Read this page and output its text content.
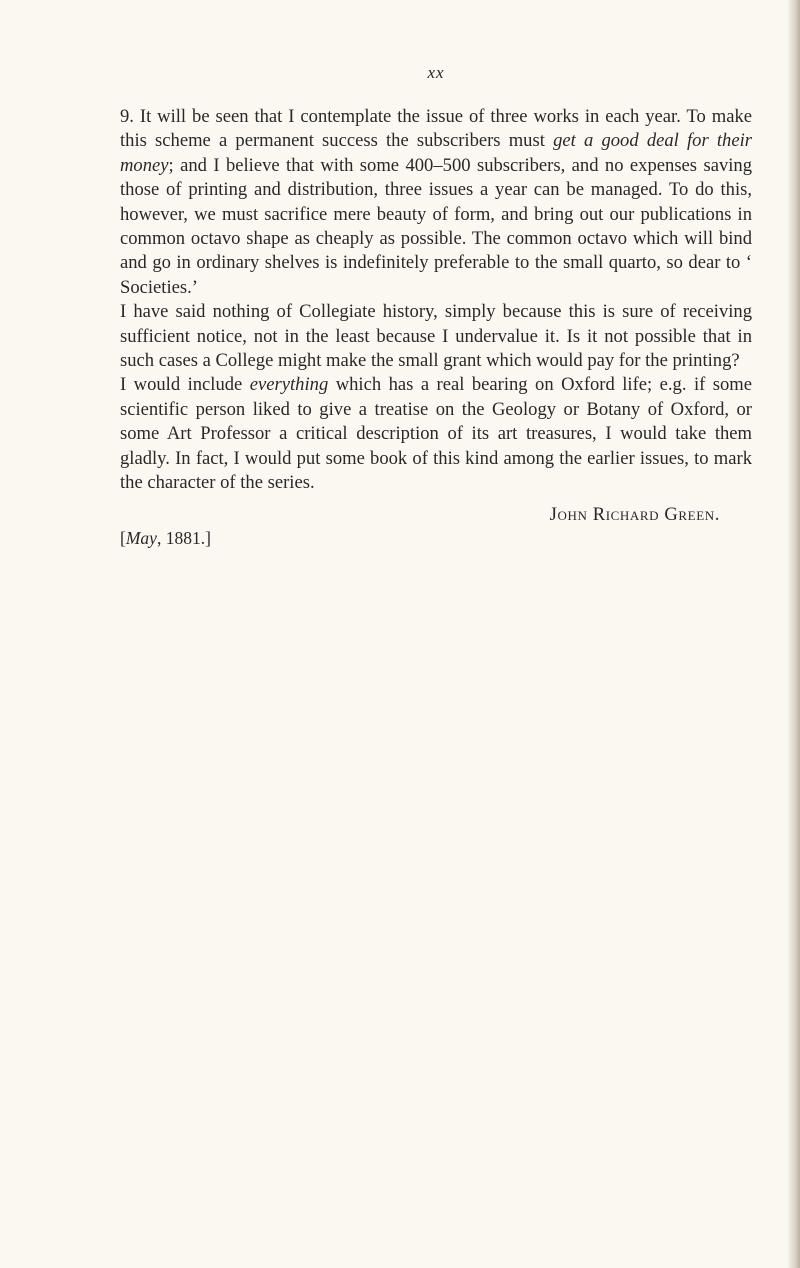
xx

9. It will be seen that I contemplate the issue of three works in each year. To make this scheme a permanent success the subscribers must get a good deal for their money; and I believe that with some 400–500 subscribers, and no expenses saving those of printing and distribution, three issues a year can be managed. To do this, however, we must sacrifice mere beauty of form, and bring out our publications in common octavo shape as cheaply as possible. The common octavo which will bind and go in ordinary shelves is indefinitely preferable to the small quarto, so dear to ‘ Societies.’

I have said nothing of Collegiate history, simply because this is sure of receiving sufficient notice, not in the least because I undervalue it. Is it not possible that in such cases a College might make the small grant which would pay for the printing?

I would include everything which has a real bearing on Oxford life; e.g. if some scientific person liked to give a treatise on the Geology or Botany of Oxford, or some Art Professor a critical description of its art treasures, I would take them gladly. In fact, I would put some book of this kind among the earlier issues, to mark the character of the series.

John Richard Green.
[May, 1881.]
